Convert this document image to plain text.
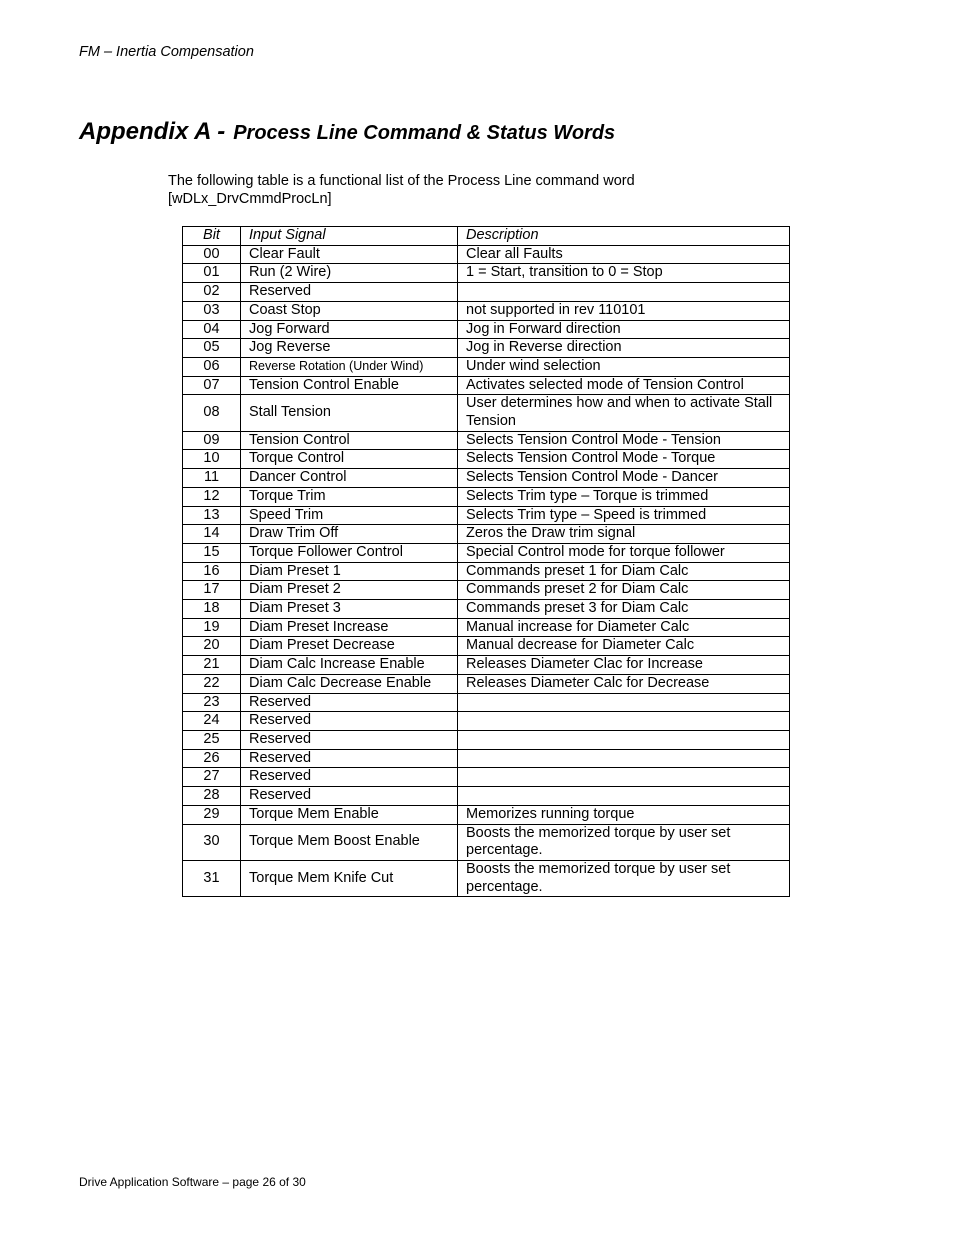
FM – Inertia Compensation
Appendix A - Process Line Command & Status Words
The following table is a functional list of the Process Line command word [wDLx_DrvCmmdProcLn]
Bit	Input Signal	Description
00	Clear Fault	Clear all Faults
01	Run (2 Wire)	1 = Start, transition to 0 = Stop
02	Reserved	
03	Coast Stop	not supported in rev 110101
04	Jog Forward	Jog in Forward direction
05	Jog Reverse	Jog in Reverse direction
06	Reverse Rotation (Under Wind)	Under wind selection
07	Tension Control Enable	Activates selected mode of Tension Control
08	Stall Tension	User determines how and when to activate Stall Tension
09	Tension Control	Selects Tension Control Mode - Tension
10	Torque Control	Selects Tension Control Mode - Torque
11	Dancer Control	Selects Tension Control Mode - Dancer
12	Torque Trim	Selects Trim type – Torque is trimmed
13	Speed Trim	Selects Trim type – Speed is trimmed
14	Draw Trim Off	Zeros the Draw trim signal
15	Torque Follower Control	Special Control mode for torque follower
16	Diam Preset 1	Commands preset 1 for Diam Calc
17	Diam Preset 2	Commands preset 2 for Diam Calc
18	Diam Preset 3	Commands preset 3 for Diam Calc
19	Diam Preset Increase	Manual increase for Diameter Calc
20	Diam Preset Decrease	Manual decrease for Diameter Calc
21	Diam Calc Increase Enable	Releases Diameter Clac for Increase
22	Diam Calc Decrease Enable	Releases Diameter Calc for Decrease
23	Reserved	
24	Reserved	
25	Reserved	
26	Reserved	
27	Reserved	
28	Reserved	
29	Torque Mem Enable	Memorizes running torque
30	Torque Mem Boost Enable	Boosts the memorized torque by user set percentage.
31	Torque Mem Knife Cut	Boosts the memorized torque by user set percentage.
Drive Application Software – page 26 of 30
